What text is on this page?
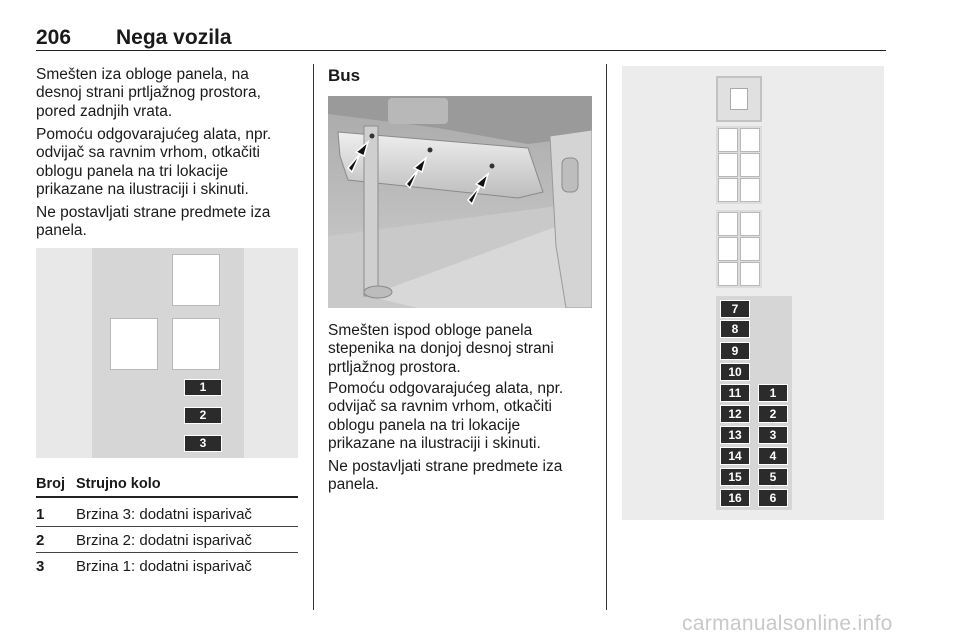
206 Nega vozila

Smešten iza obloge panela, na
desnoj strani prtljažnog prostora,
pored zadnjih vrata.

Pomoću odgovarajućeg alata, npr.
odvijač sa ravnim vrhom, otkačiti
oblogu panela na tri lokacije
prikazane na ilustraciji i skinuti.

Ne postavljati strane predmete iza
panela.

1
2
3
Broj Strujno kolo
1 Brzina 3: dodatni isparivač
2 Brzina 2: dodatni isparivač
3 Brzina 1: dodatni isparivač
Bus

Smešten ispod obloge panela
stepenika na donjoj desnoj strani
prtljažnog prostora.

Pomoću odgovarajućeg alata, npr.
odvijač sa ravnim vrhom, otkačiti
oblogu panela na tri lokacije
prikazane na ilustraciji i skinuti.

Ne postavljati strane predmete iza
panela.

7
8
9
10
11
12
13
14
15
16
1
2
3
4
5
6
carmanualsonline.info
